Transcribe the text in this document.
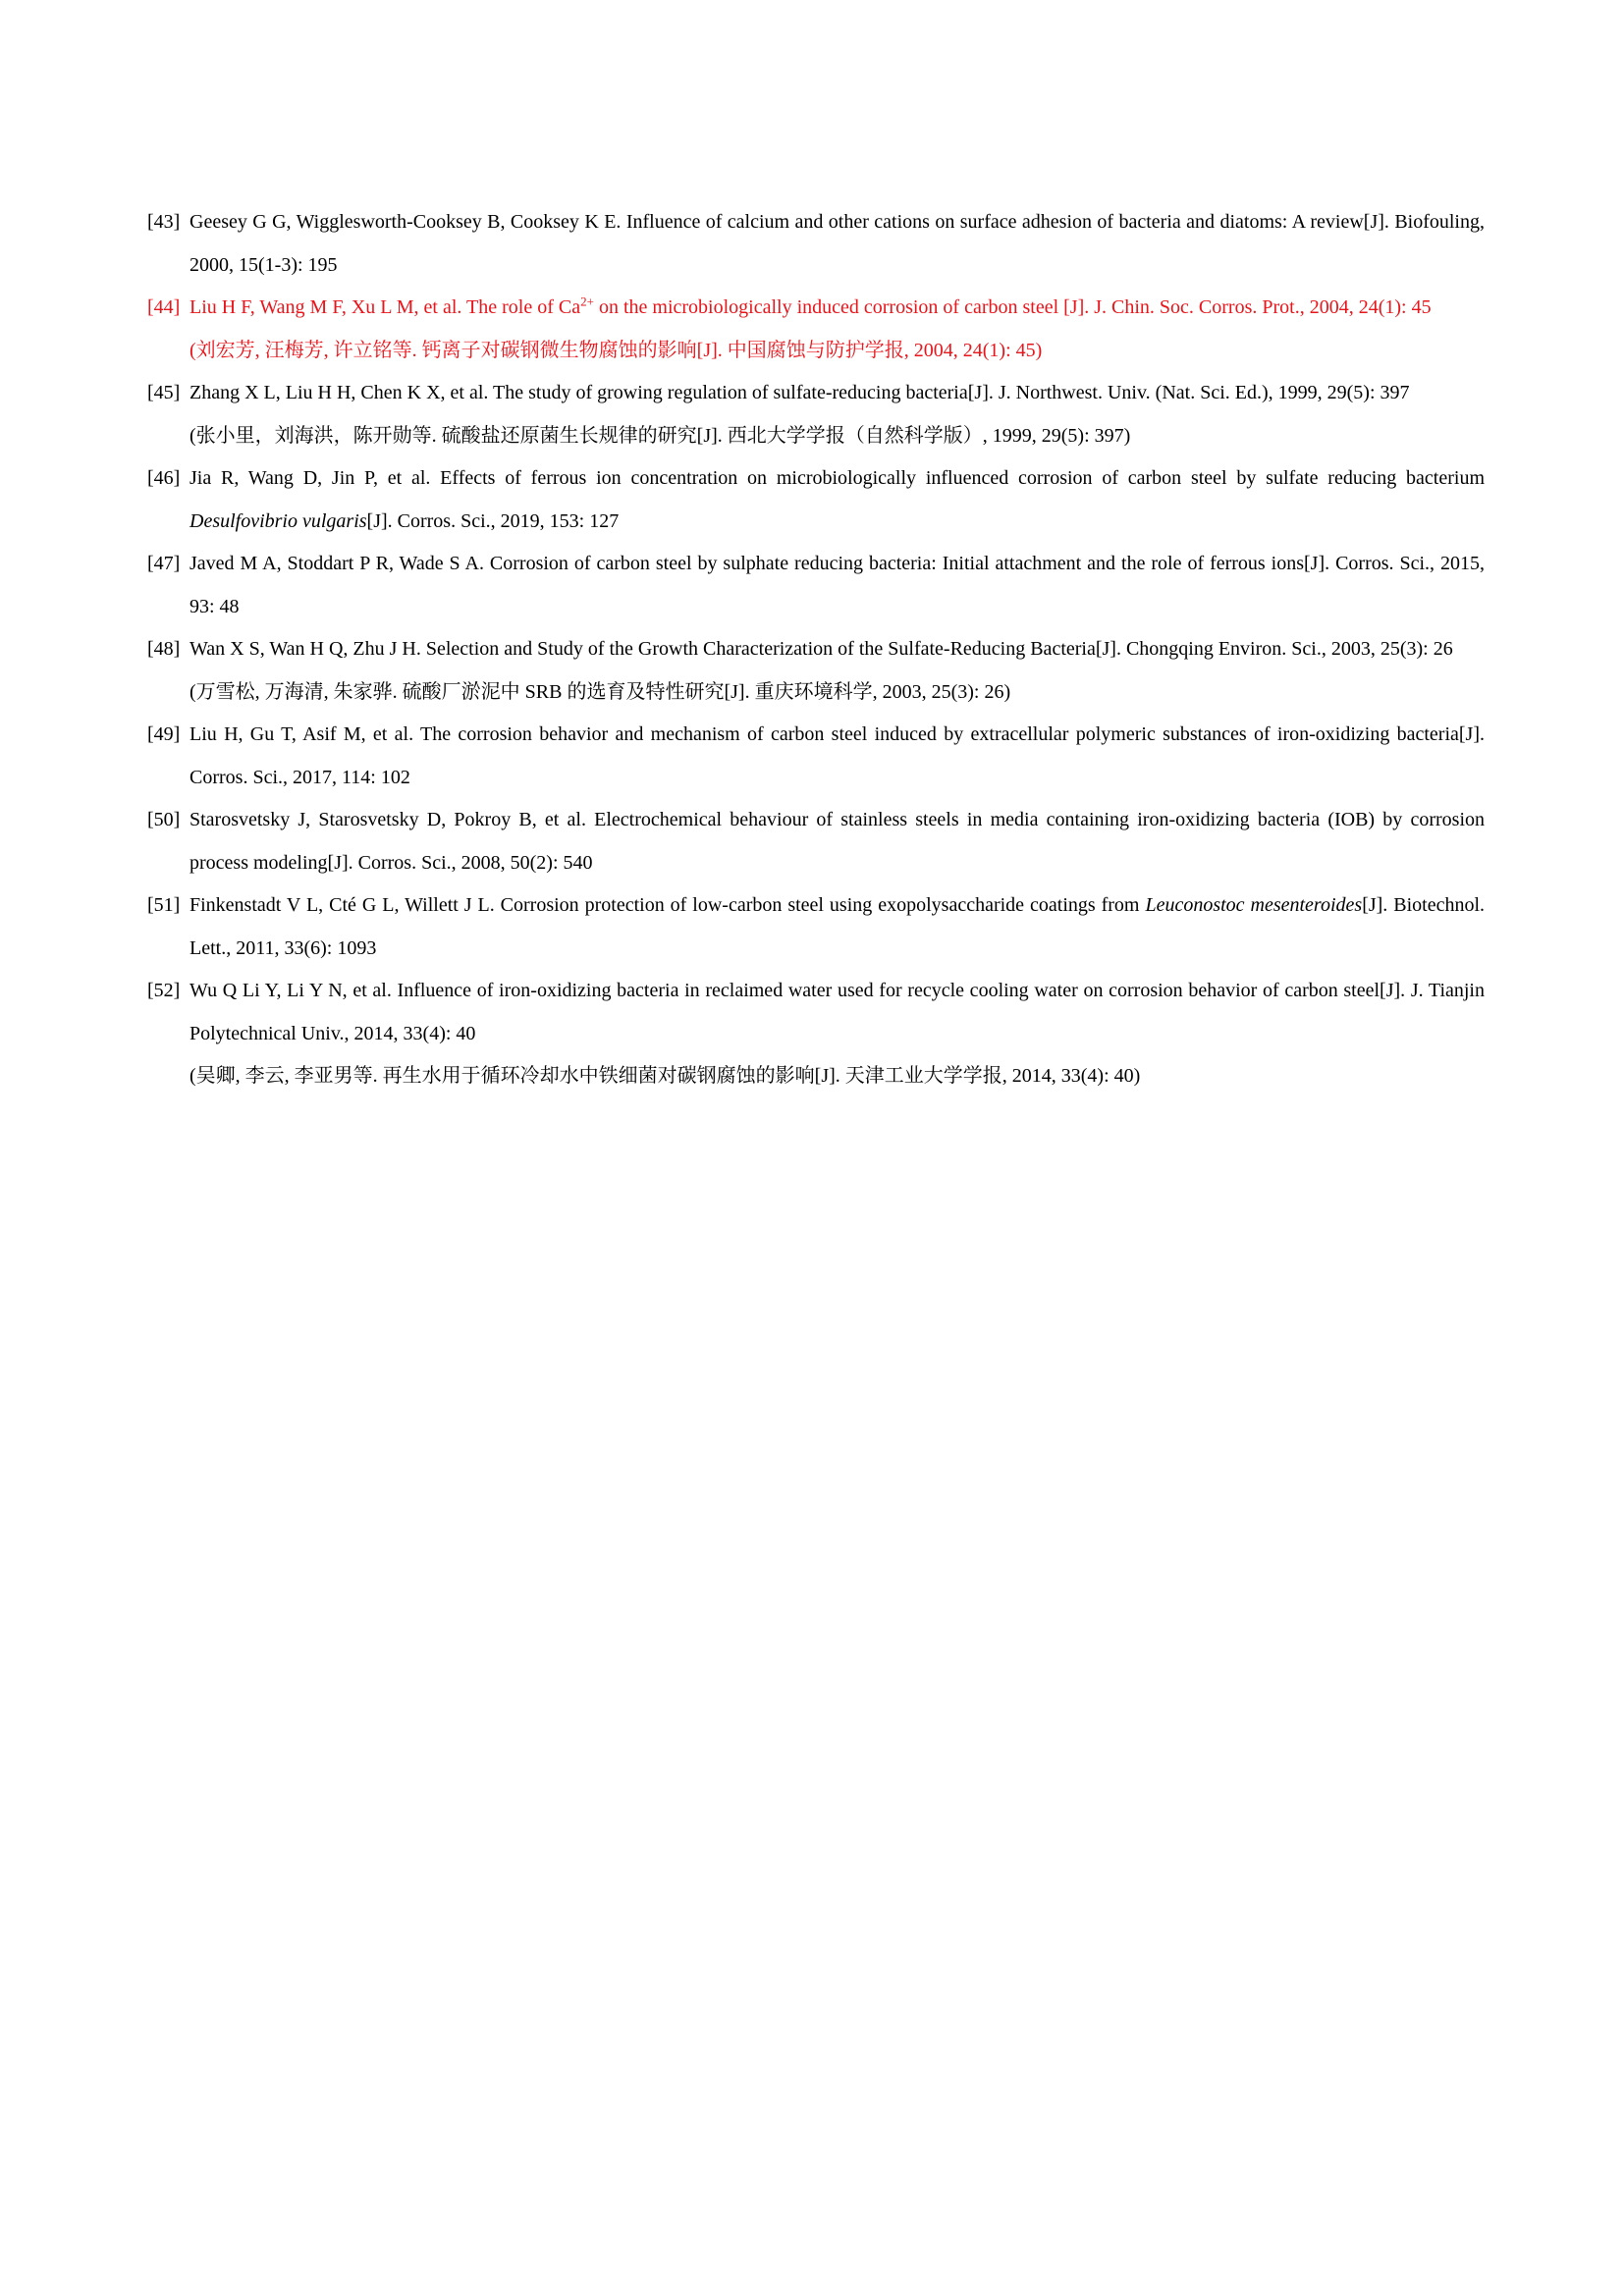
[43] Geesey G G, Wigglesworth-Cooksey B, Cooksey K E. Influence of calcium and other cations on surface adhesion of bacteria and diatoms: A review[J]. Biofouling, 2000, 15(1-3): 195
[44] Liu H F, Wang M F, Xu L M, et al. The role of $Ca^{2+}$ on the microbiologically induced corrosion of carbon steel [J]. J. Chin. Soc. Corros. Prot., 2004, 24(1): 45
(刘宏芳, 汪梅芳, 许立铭等. 钙离子对碳钢微生物腐蚀的影响[J]. 中国腐蚀与防护学报, 2004, 24(1): 45)
[45] Zhang X L, Liu H H, Chen K X, et al. The study of growing regulation of sulfate-reducing bacteria[J]. J. Northwest. Univ. (Nat. Sci. Ed.), 1999, 29(5): 397
(张小里，刘海洪，陈开勋等. 硫酸盐还原菌生长规律的研究[J]. 西北大学学报（自然科学版）, 1999, 29(5): 397)
[46] Jia R, Wang D, Jin P, et al. Effects of ferrous ion concentration on microbiologically influenced corrosion of carbon steel by sulfate reducing bacterium Desulfovibrio vulgaris[J]. Corros. Sci., 2019, 153: 127
[47] Javed M A, Stoddart P R, Wade S A. Corrosion of carbon steel by sulphate reducing bacteria: Initial attachment and the role of ferrous ions[J]. Corros. Sci., 2015, 93: 48
[48] Wan X S, Wan H Q, Zhu J H. Selection and Study of the Growth Characterization of the Sulfate-Reducing Bacteria[J]. Chongqing Environ. Sci., 2003, 25(3): 26
(万雪松, 万海清, 朱家骅. 硫酸厂淤泥中 SRB 的选育及特性研究[J]. 重庆环境科学, 2003, 25(3): 26)
[49] Liu H, Gu T, Asif M, et al. The corrosion behavior and mechanism of carbon steel induced by extracellular polymeric substances of iron-oxidizing bacteria[J]. Corros. Sci., 2017, 114: 102
[50] Starosvetsky J, Starosvetsky D, Pokroy B, et al. Electrochemical behaviour of stainless steels in media containing iron-oxidizing bacteria (IOB) by corrosion process modeling[J]. Corros. Sci., 2008, 50(2): 540
[51] Finkenstadt V L, Cté G L, Willett J L. Corrosion protection of low-carbon steel using exopolysaccharide coatings from Leuconostoc mesenteroides[J]. Biotechnol. Lett., 2011, 33(6): 1093
[52] Wu Q Li Y, Li Y N, et al. Influence of iron-oxidizing bacteria in reclaimed water used for recycle cooling water on corrosion behavior of carbon steel[J]. J. Tianjin Polytechnical Univ., 2014, 33(4): 40
(吴卿, 李云, 李亚男等. 再生水用于循环冷却水中铁细菌对碳钢腐蚀的影响[J]. 天津工业大学学报, 2014, 33(4): 40)
